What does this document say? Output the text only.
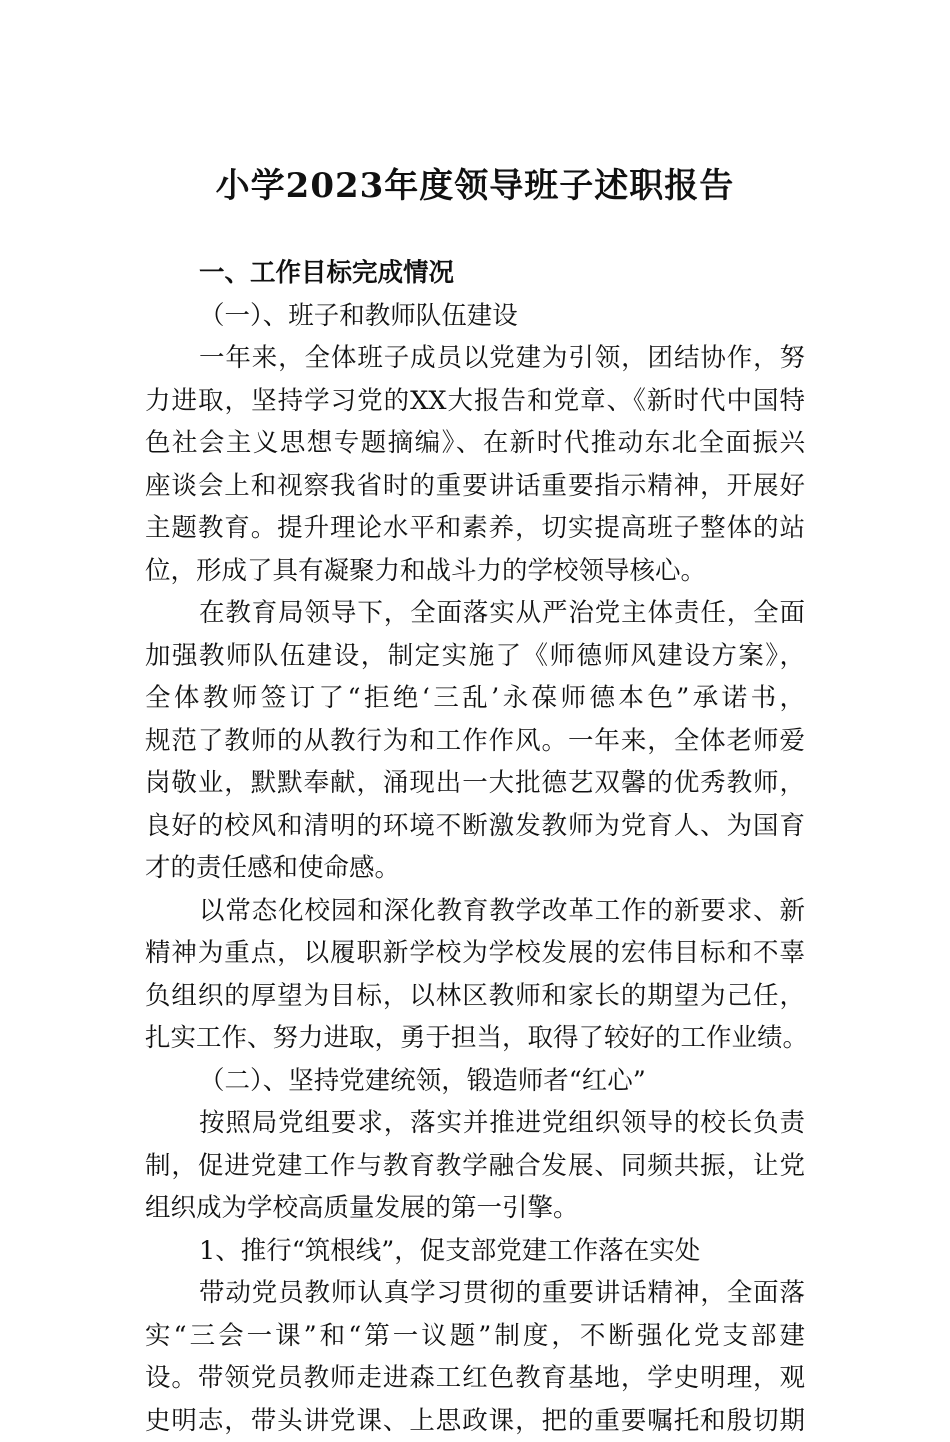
小学2023年度领导班子述职报告
一、工作目标完成情况
（一）、班子和教师队伍建设
一年来，全体班子成员以党建为引领，团结协作，努
力进取，坚持学习党的XX大报告和党章、《新时代中国特
色社会主义思想专题摘编》、在新时代推动东北全面振兴
座谈会上和视察我省时的重要讲话重要指示精神，开展好
主题教育。提升理论水平和素养，切实提高班子整体的站
位，形成了具有凝聚力和战斗力的学校领导核心。
在教育局领导下，全面落实从严治党主体责任，全面
加强教师队伍建设，制定实施了《师德师风建设方案》，
全体教师签订了“拒绝‘三乱’永葆师德本色”承诺书，
规范了教师的从教行为和工作作风。一年来，全体老师爱
岗敬业，默默奉献，涌现出一大批德艺双馨的优秀教师，
良好的校风和清明的环境不断激发教师为党育人、为国育
才的责任感和使命感。
以常态化校园和深化教育教学改革工作的新要求、新
精神为重点，以履职新学校为学校发展的宏伟目标和不辜
负组织的厚望为目标，以林区教师和家长的期望为己任，
扎实工作、努力进取，勇于担当，取得了较好的工作业绩。
（二）、坚持党建统领，锻造师者“红心”
按照局党组要求，落实并推进党组织领导的校长负责
制，促进党建工作与教育教学融合发展、同频共振，让党
组织成为学校高质量发展的第一引擎。
1、推行“筑根线”，促支部党建工作落在实处
带动党员教师认真学习贯彻的重要讲话精神，全面落
实“三会一课”和“第一议题”制度，不断强化党支部建
设。带领党员教师走进森工红色教育基地，学史明理，观
史明志，带头讲党课、上思政课，把的重要嘱托和殷切期
